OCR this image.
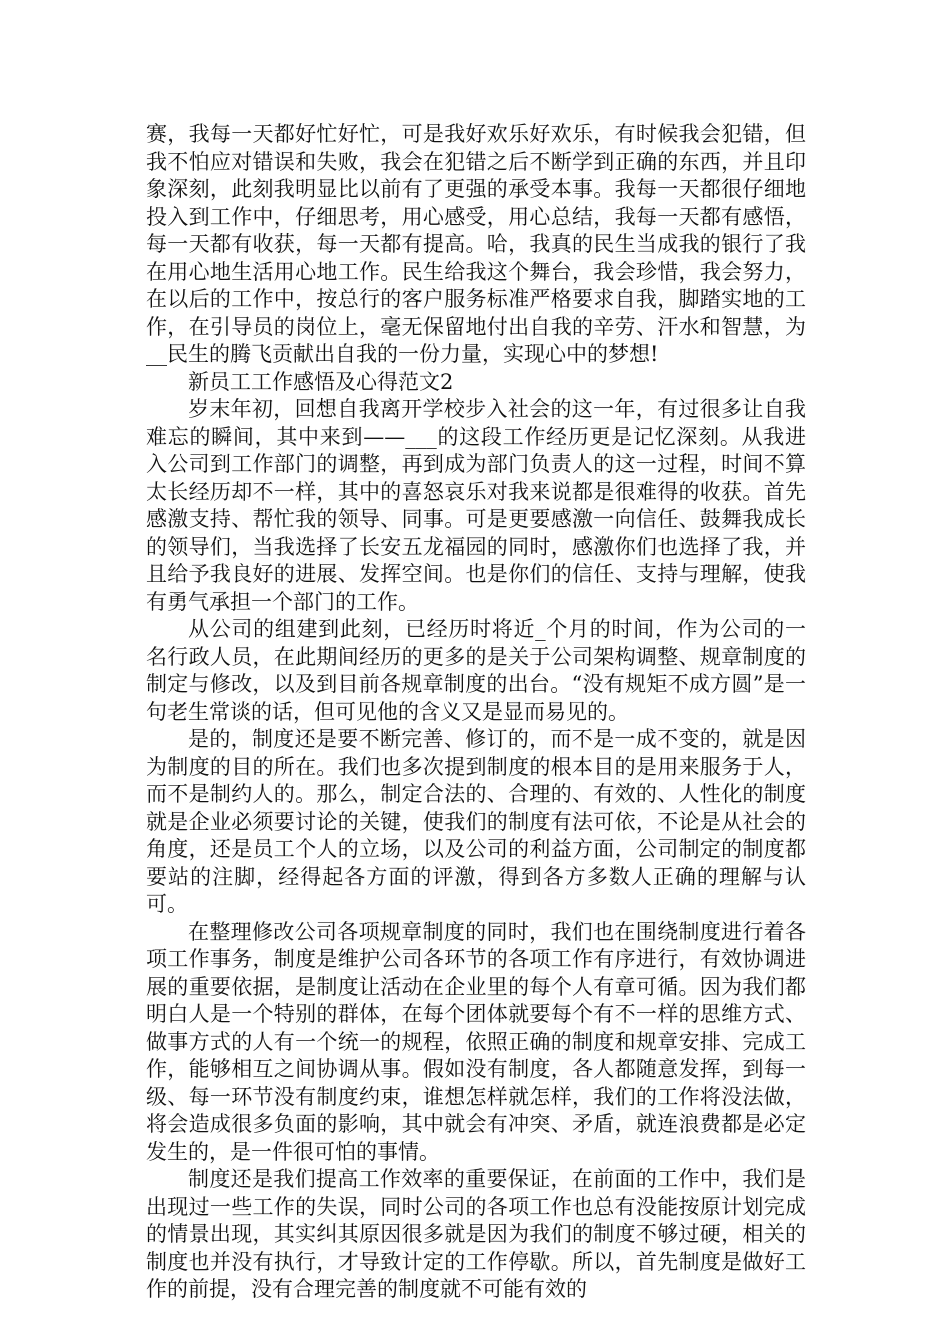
赛，我每一天都好忙好忙，可是我好欢乐好欢乐，有时候我会犯错，但我不怕应对错误和失败，我会在犯错之后不断学到正确的东西，并且印象深刻，此刻我明显比以前有了更强的承受本事。我每一天都很仔细地投入到工作中，仔细思考，用心感受，用心总结，我每一天都有感悟，每一天都有收获，每一天都有提高。哈，我真的民生当成我的银行了我在用心地生活用心地工作。民生给我这个舞台，我会珍惜，我会努力，在以后的工作中，按总行的客户服务标准严格要求自我，脚踏实地的工作，在引导员的岗位上，毫无保留地付出自我的辛劳、汗水和智慧，为__民生的腾飞贡献出自我的一份力量，实现心中的梦想!

新员工工作感悟及心得范文2

岁末年初，回想自我离开学校步入社会的这一年，有过很多让自我难忘的瞬间，其中来到——___的这段工作经历更是记忆深刻。从我进入公司到工作部门的调整，再到成为部门负责人的这一过程，时间不算太长经历却不一样，其中的喜怒哀乐对我来说都是很难得的收获。首先感激支持、帮忙我的领导、同事。可是更要感激一向信任、鼓舞我成长的领导们，当我选择了长安五龙福园的同时，感激你们也选择了我，并且给予我良好的进展、发挥空间。也是你们的信任、支持与理解，使我有勇气承担一个部门的工作。

从公司的组建到此刻，已经历时将近_个月的时间，作为公司的一名行政人员，在此期间经历的更多的是关于公司架构调整、规章制度的制定与修改，以及到目前各规章制度的出台。“没有规矩不成方圆”是一句老生常谈的话，但可见他的含义又是显而易见的。

是的，制度还是要不断完善、修订的，而不是一成不变的，就是因为制度的目的所在。我们也多次提到制度的根本目的是用来服务于人，而不是制约人的。那么，制定合法的、合理的、有效的、人性化的制度就是企业必须要讨论的关键，使我们的制度有法可依，不论是从社会的角度，还是员工个人的立场，以及公司的利益方面，公司制定的制度都要站的注脚，经得起各方面的评激，得到各方多数人正确的理解与认可。

在整理修改公司各项规章制度的同时，我们也在围绕制度进行着各项工作事务，制度是维护公司各环节的各项工作有序进行，有效协调进展的重要依据，是制度让活动在企业里的每个人有章可循。因为我们都明白人是一个特别的群体，在每个团体就要每个有不一样的思维方式、做事方式的人有一个统一的规程，依照正确的制度和规章安排、完成工作，能够相互之间协调从事。假如没有制度，各人都随意发挥，到每一级、每一环节没有制度约束，谁想怎样就怎样，我们的工作将没法做，将会造成很多负面的影响，其中就会有冲突、矛盾，就连浪费都是必定发生的，是一件很可怕的事情。

制度还是我们提高工作效率的重要保证，在前面的工作中，我们是出现过一些工作的失误，同时公司的各项工作也总有没能按原计划完成的情景出现，其实纠其原因很多就是因为我们的制度不够过硬，相关的制度也并没有执行，才导致计定的工作停歇。所以，首先制度是做好工作的前提，没有合理完善的制度就不可能有效的
